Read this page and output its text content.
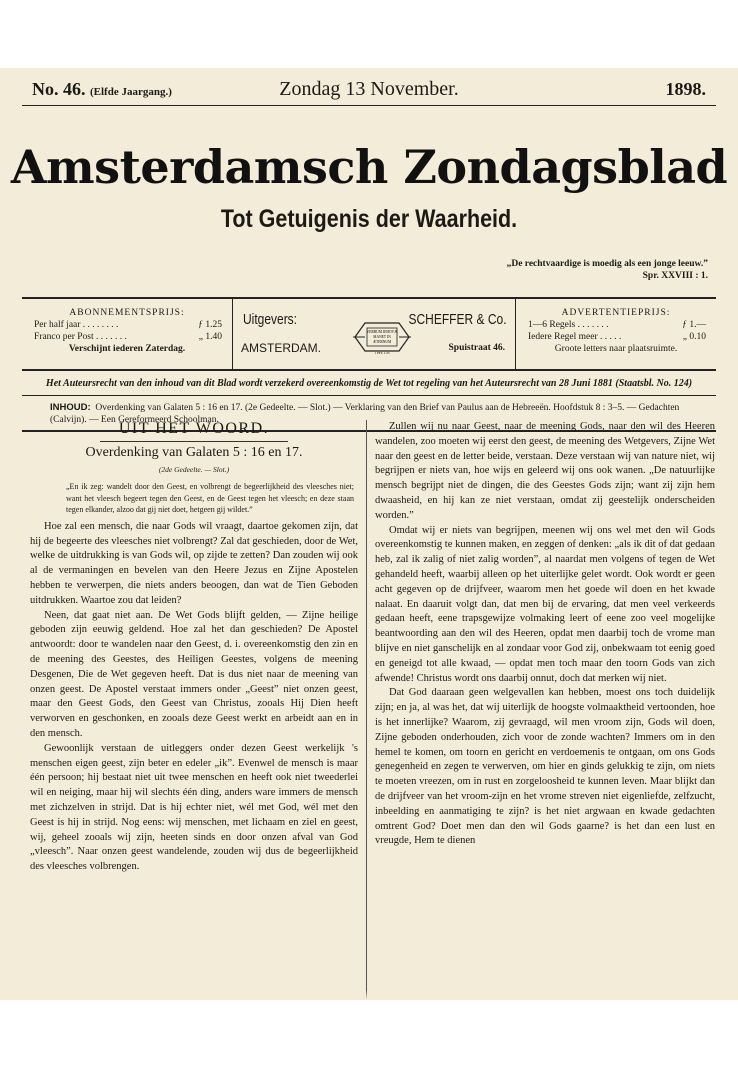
No. 46. (Elfde Jaargang.)	Zondag 13 November.	1898.
Amsterdamsch Zondagsblad
Tot Getuigenis der Waarheid.
„De rechtvaardige is moedig als een jonge leeuw.”
Spr. XXVIII : 1.
ABONNEMENTSPRIJS:
Per half jaar . . . . . . . .	ƒ 1.25
Franco per Post . . . . . . .	„ 1.40
Verschijnt iederen Zaterdag.
Uitgevers:
AMSTERDAM.
VERBUM JEHOVÆ
MANET IN
ÆTERNUM
1 PET. 1:25
SCHEFFER & Co.
Spuistraat 46.
ADVERTENTIEPRIJS:
1—6 Regels . . . . . . .	ƒ 1.—
Iedere Regel meer . . . . .	„ 0.10
Groote letters naar plaatsruimte.
Het Auteursrecht van den inhoud van dit Blad wordt verzekerd overeenkomstig de Wet tot regeling van het Auteursrecht van 28 Juni 1881 (Staatsbl. No. 124)
INHOUD: Overdenking van Galaten 5 : 16 en 17. (2e Gedeelte. — Slot.) — Verklaring van den Brief van Paulus aan de Hebreeën. Hoofdstuk 8 : 3–5. — Gedachten (Calvijn). — Een Gereformeerd Schoolman.
UIT HET WOORD.
Overdenking van Galaten 5 : 16 en 17.
(2de Gedeelte. — Slot.)
„En ik zeg: wandelt door den Geest, en volbrengt de begeerlijkheid des vleesches niet; want het vleesch begeert tegen den Geest, en de Geest tegen het vleesch; en deze staan tegen elkander, alzoo dat gij niet doet, hetgeen gij wildet.”

Hoe zal een mensch, die naar Gods wil vraagt, daartoe gekomen zijn, dat hij de begeerte des vleesches niet volbrengt? Zal dat geschieden, door de Wet, welke de uitdrukking is van Gods wil, op zijde te zetten? Dan zouden wij ook al de vermaningen en bevelen van den Heere Jezus en Zijne Apostelen hebben te verwerpen, die niets anders beoogen, dan wat de Tien Geboden uitdrukken. Waartoe zou dat leiden?

Neen, dat gaat niet aan. De Wet Gods blijft gelden, — Zijne heilige geboden zijn eeuwig geldend. Hoe zal het dan geschieden? De Apostel antwoordt: door te wandelen naar den Geest, d. i. overeenkomstig den zin en de meening des Geestes, des Heiligen Geestes, volgens de meening Desgenen, Die de Wet gegeven heeft. Dat is dus niet naar de meening van onzen geest. De Apostel verstaat immers onder „Geest” niet onzen geest, maar den Geest Gods, den Geest van Christus, zooals Hij Dien heeft verworven en geschonken, en zooals deze Geest werkt en arbeidt aan en in den mensch.

Gewoonlijk verstaan de uitleggers onder dezen Geest werkelijk 's menschen eigen geest, zijn beter en edeler „ik”. Evenwel de mensch is maar één persoon; hij bestaat niet uit twee menschen en heeft ook niet tweederlei wil en neiging, maar hij wil slechts één ding, anders ware immers de mensch met zichzelven in strijd. Dat is hij echter niet, wél met God, wél met den Geest is hij in strijd. Nog eens: wij menschen, met lichaam en ziel en geest, wij, geheel zooals wij zijn, heeten sinds en door onzen afval van God „vleesch”. Naar onzen geest wandelende, zouden wij dus de begeerlijkheid des vleesches volbrengen.

Zullen wij nu naar Geest, naar de meening Gods, naar den wil des Heeren wandelen, zoo moeten wij eerst den geest, de meening des Wetgevers, Zijne Wet naar den geest en de letter beide, verstaan. Deze verstaan wij van nature niet, wij begrijpen er niets van, hoe wijs en geleerd wij ons ook wanen. „De natuurlijke mensch begrijpt niet de dingen, die des Geestes Gods zijn; want zij zijn hem dwaasheid, en hij kan ze niet verstaan, omdat zij geestelijk onderscheiden worden.”

Omdat wij er niets van begrijpen, meenen wij ons wel met den wil Gods overeenkomstig te kunnen maken, en zeggen of denken: „als ik dit of dat gedaan heb, zal ik zalig of niet zalig worden”, al naardat men volgens of tegen de Wet gehandeld heeft, waarbij alleen op het uiterlijke gelet wordt. Ook wordt er geen acht gegeven op de drijfveer, waarom men het goede wil doen en het kwade nalaat. En daaruit volgt dan, dat men bij de ervaring, dat men veel verkeerds gedaan heeft, eene trapsgewijze volmaking leert of eene zoo veel mogelijke beantwoording aan den wil des Heeren, opdat men daarbij toch de vrome man blijve en niet ganschelijk en al zondaar voor God zij, onbekwaam tot eenig goed en geneigd tot alle kwaad, — opdat men toch maar den toorn Gods van zich afwende! Christus wordt ons daarbij onnut, doch dat merken wij niet.

Dat God daaraan geen welgevallen kan hebben, moest ons toch duidelijk zijn; en ja, al was het, dat wij uiterlijk de hoogste volmaaktheid vertoonden, hoe is het innerlijke? Waarom, zij gevraagd, wil men vroom zijn, Gods wil doen, Zijne geboden onderhouden, zich voor de zonde wachten? Immers om in den hemel te komen, om toorn en gericht en verdoemenis te ontgaan, om ons Gods genegenheid en zegen te verwerven, om hier en ginds gelukkig te zijn, om niets te moeten vreezen, om in rust en zorgeloosheid te kunnen leven. Maar blijkt dan de drijfveer van het vroom-zijn en het vrome streven niet eigenliefde, zelfzucht, inbeelding en aanmatiging te zijn? is het niet argwaan en kwade gedachten omtrent God? Doet men dan den wil Gods gaarne? is het dan een lust en vreugde, Hem te dienen
